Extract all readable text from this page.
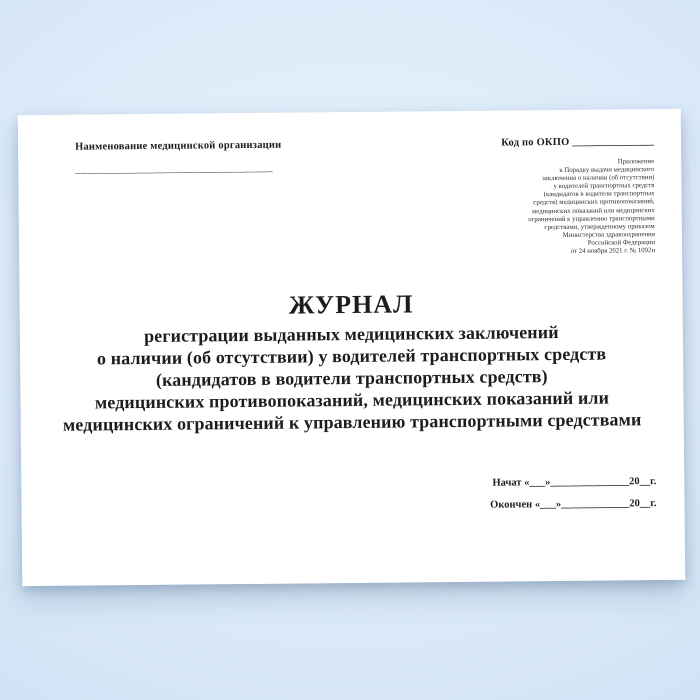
Наименование медицинской организации
___________________________________
Код по ОКПО _______________
Приложение
к Порядку выдачи медицинского
заключения о наличии (об отсутствии)
у водителей транспортных средств
(кандидатов в водители транспортных
средств) медицинских противопоказаний,
медицинских показаний или медицинских
ограничений к управлению транспортными
средствами, утвержденному приказом
Министерства здравоохранения
Российской Федерации
от 24 ноября 2021 г. № 1092н
ЖУРНАЛ
регистрации выданных медицинских заключений
о наличии (об отсутствии) у водителей транспортных средств
(кандидатов в водители транспортных средств)
медицинских противопоказаний, медицинских показаний или
медицинских ограничений к управлению транспортными средствами
Начат «___»_______________20__г.
Окончен «___»_____________20__г.
